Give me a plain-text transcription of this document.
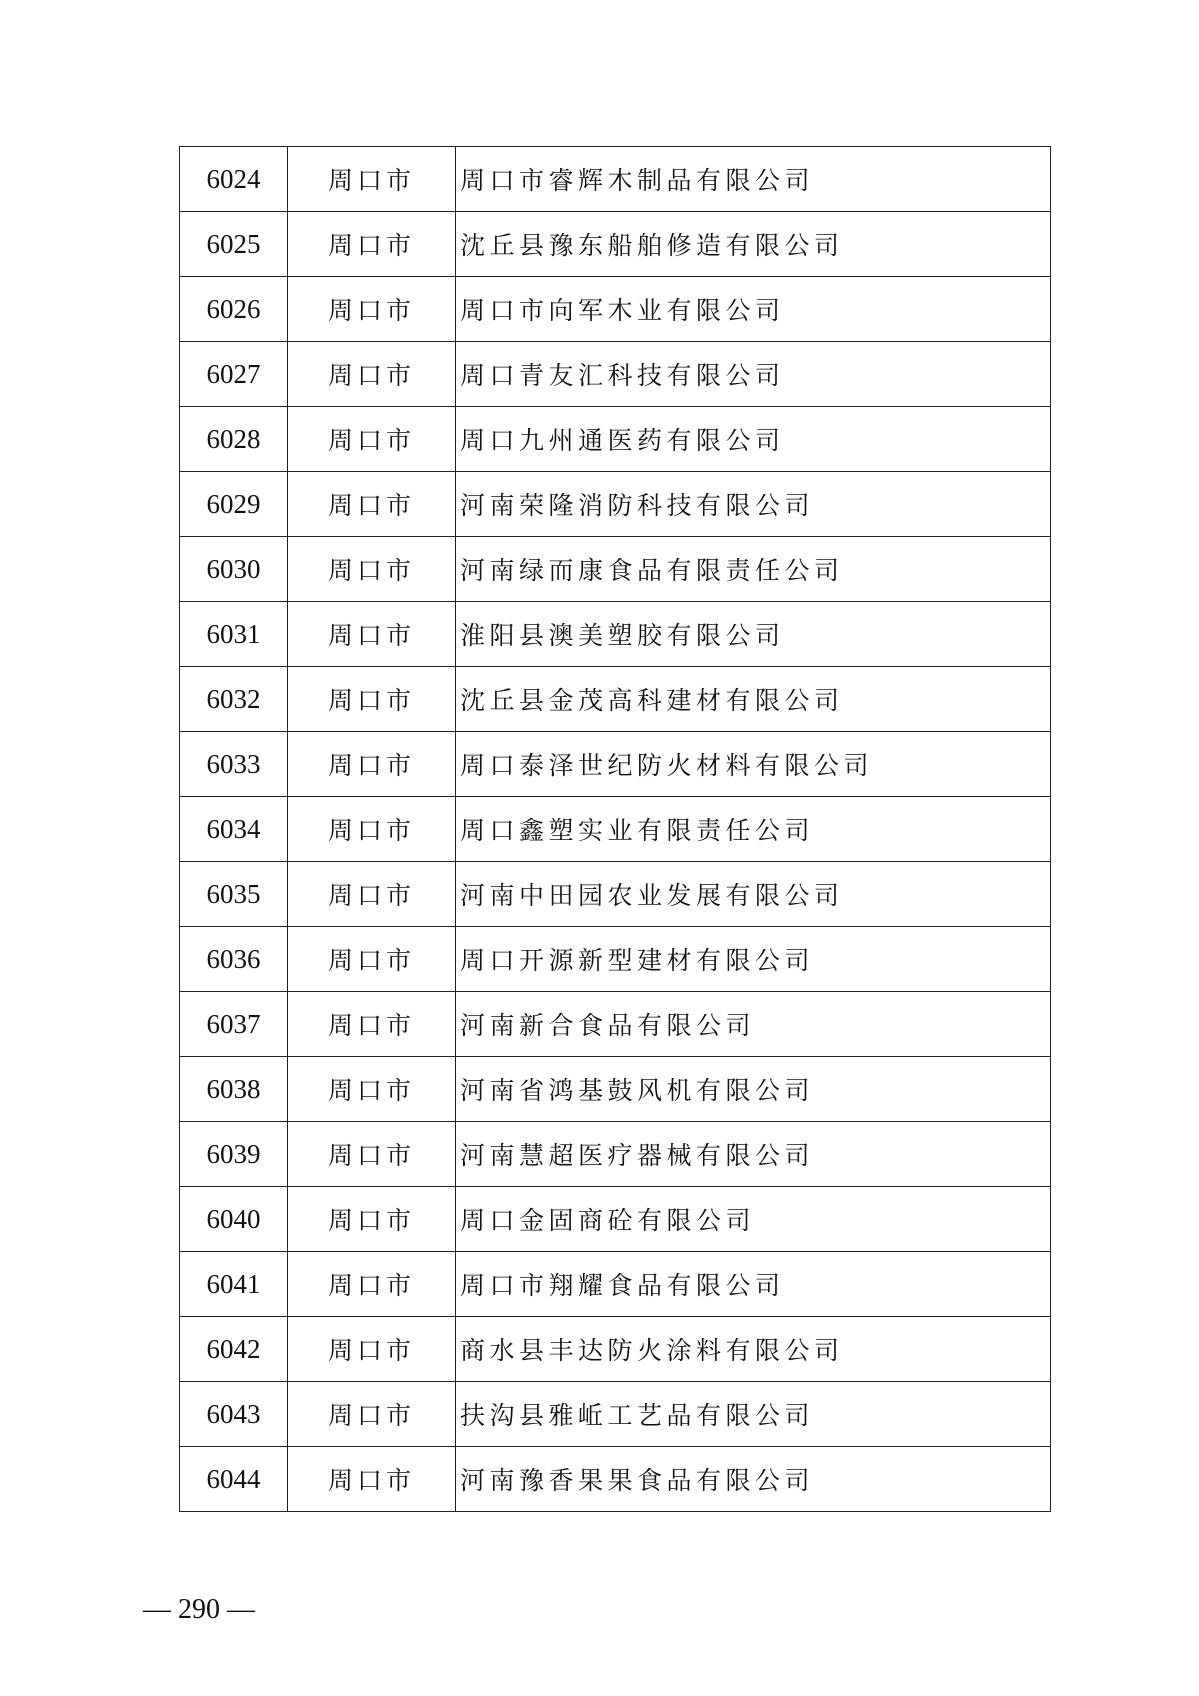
6024	周口市	周口市睿辉木制品有限公司
6025	周口市	沈丘县豫东船舶修造有限公司
6026	周口市	周口市向军木业有限公司
6027	周口市	周口青友汇科技有限公司
6028	周口市	周口九州通医药有限公司
6029	周口市	河南荣隆消防科技有限公司
6030	周口市	河南绿而康食品有限责任公司
6031	周口市	淮阳县澳美塑胶有限公司
6032	周口市	沈丘县金茂高科建材有限公司
6033	周口市	周口泰泽世纪防火材料有限公司
6034	周口市	周口鑫塑实业有限责任公司
6035	周口市	河南中田园农业发展有限公司
6036	周口市	周口开源新型建材有限公司
6037	周口市	河南新合食品有限公司
6038	周口市	河南省鸿基鼓风机有限公司
6039	周口市	河南慧超医疗器械有限公司
6040	周口市	周口金固商砼有限公司
6041	周口市	周口市翔耀食品有限公司
6042	周口市	商水县丰达防火涂料有限公司
6043	周口市	扶沟县雅岴工艺品有限公司
6044	周口市	河南豫香果果食品有限公司
— 290 —
